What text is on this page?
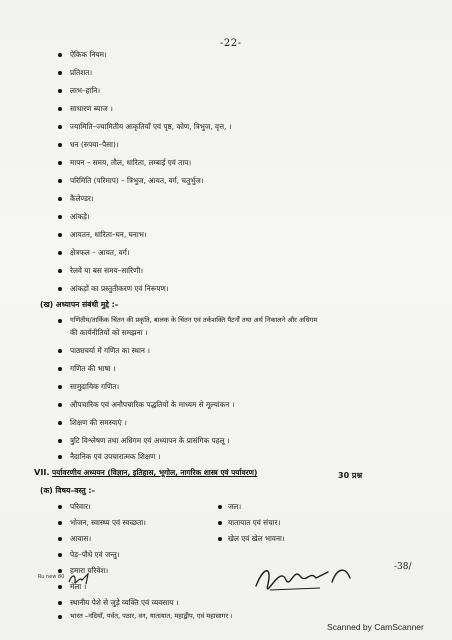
-22-
ऐकिक नियम।
प्रतिशत।
लाभ–हानि।
साधारण ब्याज ।
ज्यामिति–ज्यामितीय आकृतियाँ एवं पृष्ठ, कोण, त्रिभुज, वृत्त, ।
धन (रुपया–पैसा)।
मापन – समय, तौल, धारिता, लम्बाई एवं ताप।
परिमिति (परिमाप) – त्रिभुज, आयत, वर्ग, चतुर्भुज।
कैलेण्डर।
आंकड़े।
आयतन, धारिता–घन, घनाभ।
क्षेत्रफल – आयत, वर्ग।
रेलवे या बस समय–सारिणी।
आंकड़ों का प्रस्तुतीकरण एवं निरूपण।
(ख) अध्यापन संबंधी मुद्दे :–
गणितीय/तार्किक चिंतन की प्रकृति, बालक के चिंतन एवं तर्कशक्ति पैटर्नों तथा अर्थ निकालने और अधिगम
की कार्यनीतियों को समझना ।
पाठ्यचर्या में गणित का स्थान ।
गणित की भाषा ।
सामुदायिक गणित।
औपचारिक एवं अनौपचारिक पद्धतियों के माध्यम से मूल्यांकन ।
शिक्षण की समस्याएं ।
त्रुटि विश्लेषण तथा अधिगम एवं अध्यापन के प्रासंगिक पहलू ।
नैदानिक एवं उपचारात्मक शिक्षण ।
VII. पर्यावरणीय अध्ययन (विज्ञान, इतिहास, भूगोल, नागरिक शास्त्र एवं पर्यावरण)	30 प्रश्न
(क) विषय–वस्तु :–
परिवार।
भोजन, स्वास्थ्य एवं स्वच्छता।
आवास।
पेड़–पौधे एवं जन्तु।
हमारा परिवेश।
मेला ।
स्थानीय पेशे से जुड़े व्यक्ति एवं व्यवसाय ।
जल।
यातायात एवं संचार।
खेल एवं खेल भावना।
भारत –नदियाँ, पर्वत, पठार, वन, यातायात, महाद्वीप, एवं महासागर ।
-38/
Ru new 80
Scanned by CamScanner
